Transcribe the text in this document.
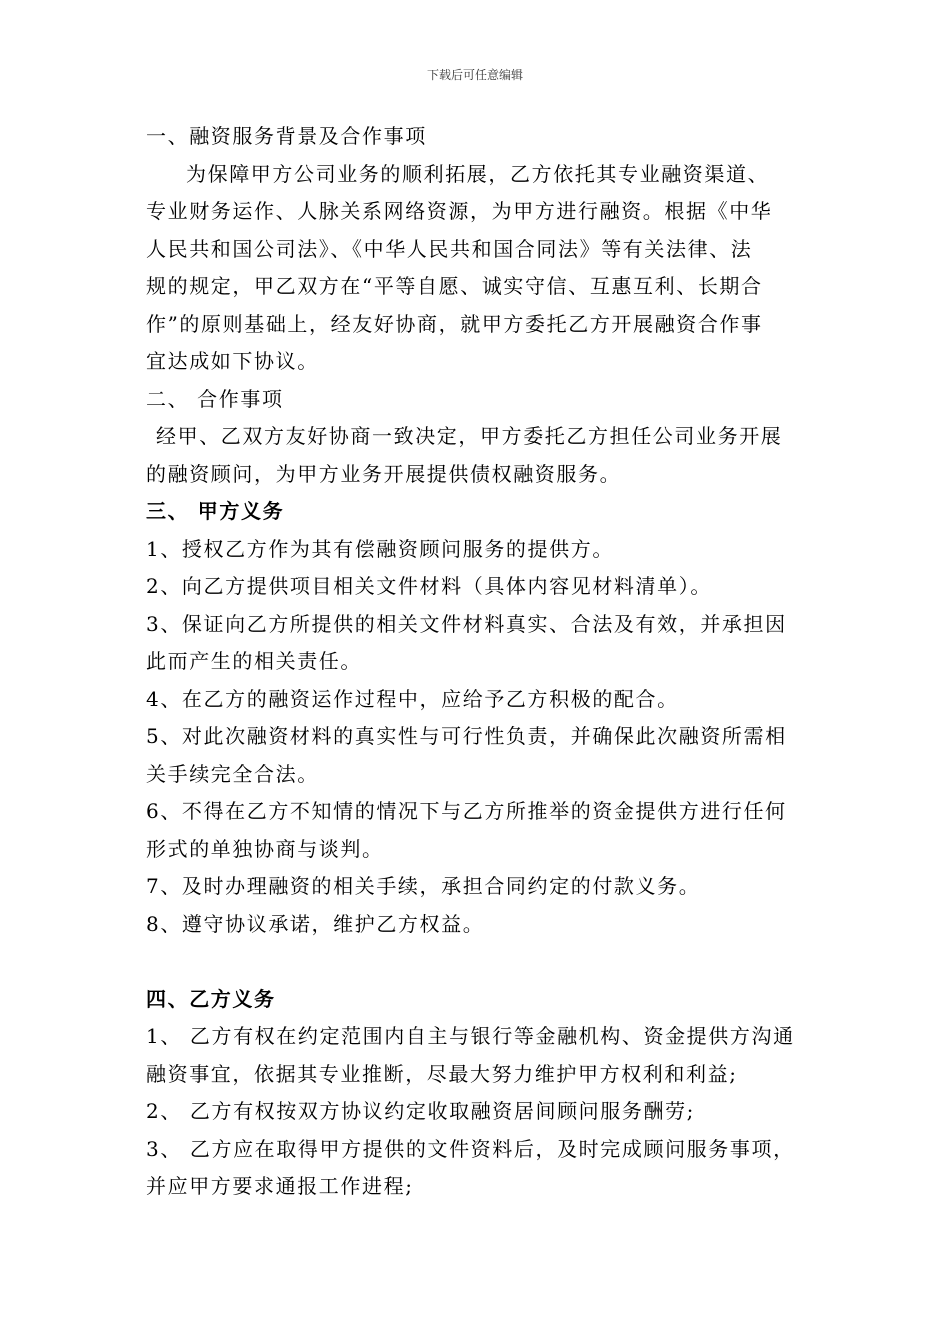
下载后可任意编辑

一、融资服务背景及合作事项

为保障甲方公司业务的顺利拓展，乙方依托其专业融资渠道、

专业财务运作、人脉关系网络资源，为甲方进行融资。根据《中华

人民共和国公司法》、《中华人民共和国合同法》等有关法律、法

规的规定，甲乙双方在“平等自愿、诚实守信、互惠互利、长期合

作”的原则基础上，经友好协商，就甲方委托乙方开展融资合作事

宜达成如下协议。

二、 合作事项

经甲、乙双方友好协商一致决定，甲方委托乙方担任公司业务开展

的融资顾问，为甲方业务开展提供债权融资服务。

三、 甲方义务

1、授权乙方作为其有偿融资顾问服务的提供方。

2、向乙方提供项目相关文件材料（具体内容见材料清单）。

3、保证向乙方所提供的相关文件材料真实、合法及有效，并承担因

此而产生的相关责任。

4、在乙方的融资运作过程中，应给予乙方积极的配合。

5、对此次融资材料的真实性与可行性负责，并确保此次融资所需相

关手续完全合法。

6、不得在乙方不知情的情况下与乙方所推举的资金提供方进行任何

形式的单独协商与谈判。

7、及时办理融资的相关手续，承担合同约定的付款义务。

8、遵守协议承诺，维护乙方权益。

四、乙方义务

1、 乙方有权在约定范围内自主与银行等金融机构、资金提供方沟通

融资事宜，依据其专业推断，尽最大努力维护甲方权利和利益;

2、 乙方有权按双方协议约定收取融资居间顾问服务酬劳;

3、 乙方应在取得甲方提供的文件资料后，及时完成顾问服务事项，

并应甲方要求通报工作进程;
